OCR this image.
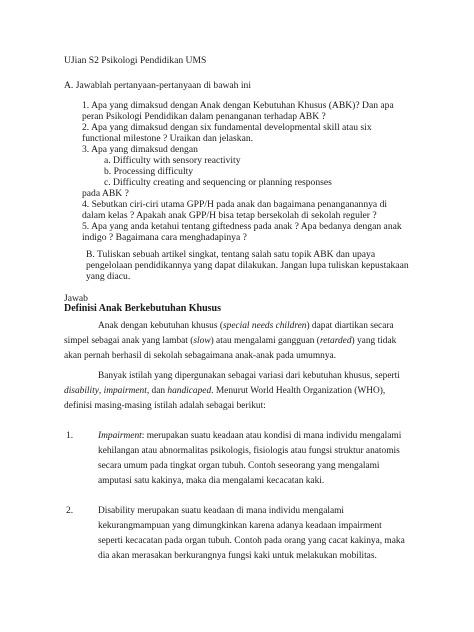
UJian S2 Psikologi Pendidikan UMS
A. Jawablah pertanyaan-pertanyaan di bawah ini
1. Apa yang dimaksud dengan Anak dengan Kebutuhan Khusus (ABK)? Dan apa
peran Psikologi Pendidikan dalam penanganan terhadap ABK ?
2. Apa yang dimaksud dengan six fundamental developmental skill atau six
functional milestone ? Uraikan dan jelaskan.
3. Apa yang dimaksud dengan
a. Difficulty with sensory reactivity
b. Processing difficulty
c. Difficulty creating and sequencing or planning responses
pada ABK ?
4. Sebutkan ciri-ciri utama GPP/H pada anak dan bagaimana penanganannya di
dalam kelas ? Apakah anak GPP/H bisa tetap bersekolah di sekolah reguler ?
5. Apa yang anda ketahui tentang giftedness pada anak ? Apa bedanya dengan anak
indigo ? Bagaimana cara menghadapinya ?
B. Tuliskan sebuah artikel singkat, tentang salah satu topik ABK dan upaya
pengelolaan pendidikannya yang dapat dilakukan. Jangan lupa tuliskan kepustakaan
yang diacu.
Jawab
Definisi Anak Berkebutuhan Khusus
Anak dengan kebutuhan khusus (special needs children) dapat diartikan secara
simpel sebagai anak yang lambat (slow) atau mengalami gangguan (retarded) yang tidak
akan pernah berhasil di sekolah sebagaimana anak-anak pada umumnya.
Banyak istilah yang dipergunakan sebagai variasi dari kebutuhan khusus, seperti
disability, impairment, dan handicaped. Menurut World Health Organization (WHO),
definisi masing-masing istilah adalah sebagai berikut:
1.	Impairment: merupakan suatu keadaan atau kondisi di mana individu mengalami
kehilangan atau abnormalitas psikologis, fisiologis atau fungsi struktur anatomis
secara umum pada tingkat organ tubuh. Contoh seseorang yang mengalami
amputasi satu kakinya, maka dia mengalami kecacatan kaki.
2.	Disability merupakan suatu keadaan di mana individu mengalami
kekurangmampuan yang dimungkinkan karena adanya keadaan impairment
seperti kecacatan pada organ tubuh. Contoh pada orang yang cacat kakinya, maka
dia akan merasakan berkurangnya fungsi kaki untuk melakukan mobilitas.
